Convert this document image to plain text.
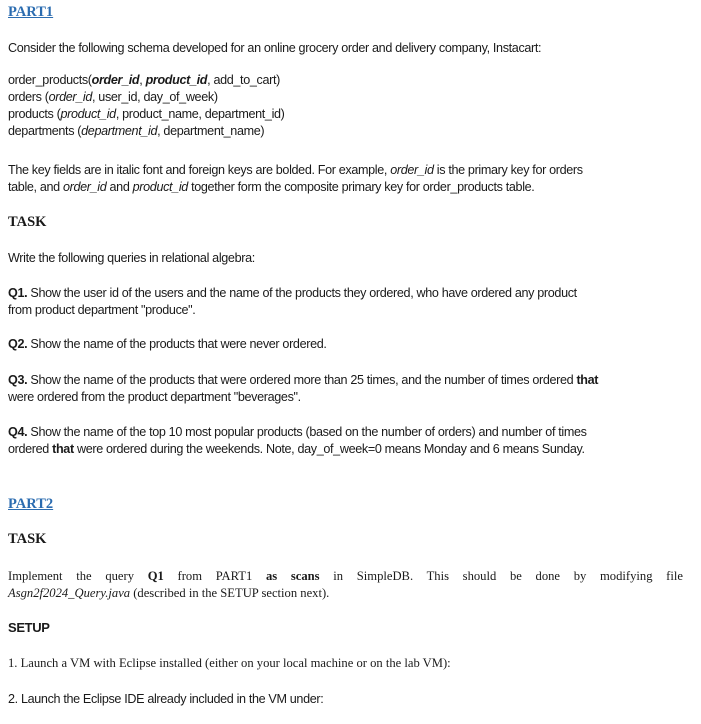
PART1
Consider the following schema developed for an online grocery order and delivery company, Instacart:
order_products(order_id, product_id, add_to_cart)
orders (order_id, user_id, day_of_week)
products (product_id, product_name, department_id)
departments (department_id, department_name)
The key fields are in italic font and foreign keys are bolded. For example, order_id is the primary key for orders
table, and order_id and product_id together form the composite primary key for order_products table.
TASK
Write the following queries in relational algebra:
Q1. Show the user id of the users and the name of the products they ordered, who have ordered any product
from product department "produce".
Q2. Show the name of the products that were never ordered.
Q3. Show the name of the products that were ordered more than 25 times, and the number of times ordered that
were ordered from the product department "beverages".
Q4. Show the name of the top 10 most popular products (based on the number of orders) and number of times
ordered that were ordered during the weekends. Note, day_of_week=0 means Monday and 6 means Sunday.
PART2
TASK
Implement the query Q1 from PART1 as scans in SimpleDB. This should be done by modifying file
Asgn2f2024_Query.java (described in the SETUP section next).
SETUP
1. Launch a VM with Eclipse installed (either on your local machine or on the lab VM):
2. Launch the Eclipse IDE already included in the VM under:
